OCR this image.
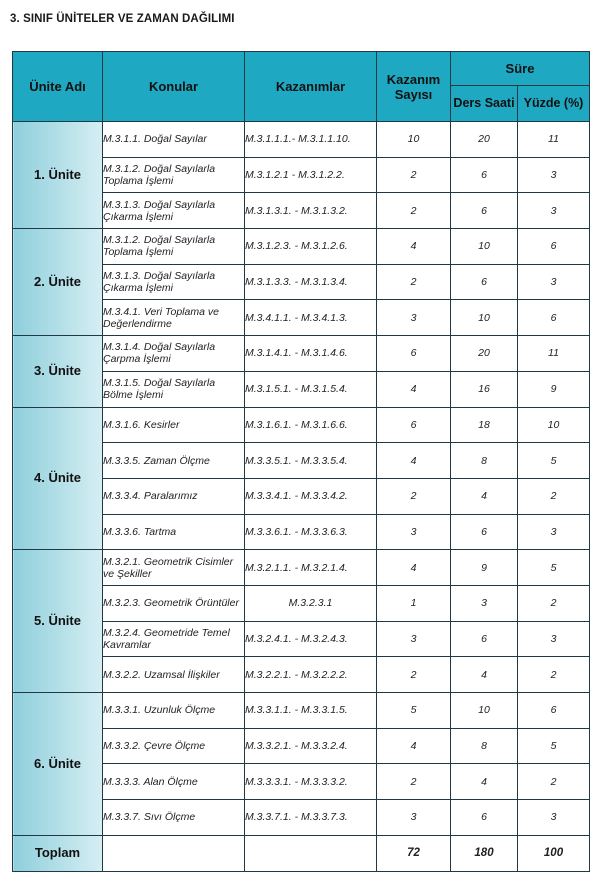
3. SINIF ÜNİTELER VE ZAMAN DAĞILIMI
Ünite Adı	Konular	Kazanımlar	Kazanım Sayısı	Süre	
				Ders Saati	Yüzde (%)
1. Ünite	M.3.1.1. Doğal Sayılar	M.3.1.1.1.- M.3.1.1.10.	10	20	11
	M.3.1.2. Doğal Sayılarla Toplama İşlemi	M.3.1.2.1 - M.3.1.2.2.	2	6	3
	M.3.1.3. Doğal Sayılarla Çıkarma İşlemi	M.3.1.3.1. - M.3.1.3.2.	2	6	3
2. Ünite	M.3.1.2. Doğal Sayılarla Toplama İşlemi	M.3.1.2.3. - M.3.1.2.6.	4	10	6
	M.3.1.3. Doğal Sayılarla Çıkarma İşlemi	M.3.1.3.3. - M.3.1.3.4.	2	6	3
	M.3.4.1. Veri Toplama ve Değerlendirme	M.3.4.1.1. - M.3.4.1.3.	3	10	6
3. Ünite	M.3.1.4. Doğal Sayılarla Çarpma İşlemi	M.3.1.4.1. - M.3.1.4.6.	6	20	11
	M.3.1.5. Doğal Sayılarla Bölme İşlemi	M.3.1.5.1. - M.3.1.5.4.	4	16	9
4. Ünite	M.3.1.6. Kesirler	M.3.1.6.1. - M.3.1.6.6.	6	18	10
	M.3.3.5. Zaman Ölçme	M.3.3.5.1. - M.3.3.5.4.	4	8	5
	M.3.3.4. Paralarımız	M.3.3.4.1. - M.3.3.4.2.	2	4	2
	M.3.3.6. Tartma	M.3.3.6.1. - M.3.3.6.3.	3	6	3
5. Ünite	M.3.2.1. Geometrik Cisimler ve Şekiller	M.3.2.1.1. - M.3.2.1.4.	4	9	5
	M.3.2.3. Geometrik Örüntüler	M.3.2.3.1	1	3	2
	M.3.2.4. Geometride Temel Kavramlar	M.3.2.4.1. - M.3.2.4.3.	3	6	3
	M.3.2.2. Uzamsal İlişkiler	M.3.2.2.1. - M.3.2.2.2.	2	4	2
6. Ünite	M.3.3.1. Uzunluk Ölçme	M.3.3.1.1. - M.3.3.1.5.	5	10	6
	M.3.3.2. Çevre Ölçme	M.3.3.2.1. - M.3.3.2.4.	4	8	5
	M.3.3.3. Alan Ölçme	M.3.3.3.1. - M.3.3.3.2.	2	4	2
	M.3.3.7. Sıvı Ölçme	M.3.3.7.1. - M.3.3.7.3.	3	6	3
Toplam			72	180	100
